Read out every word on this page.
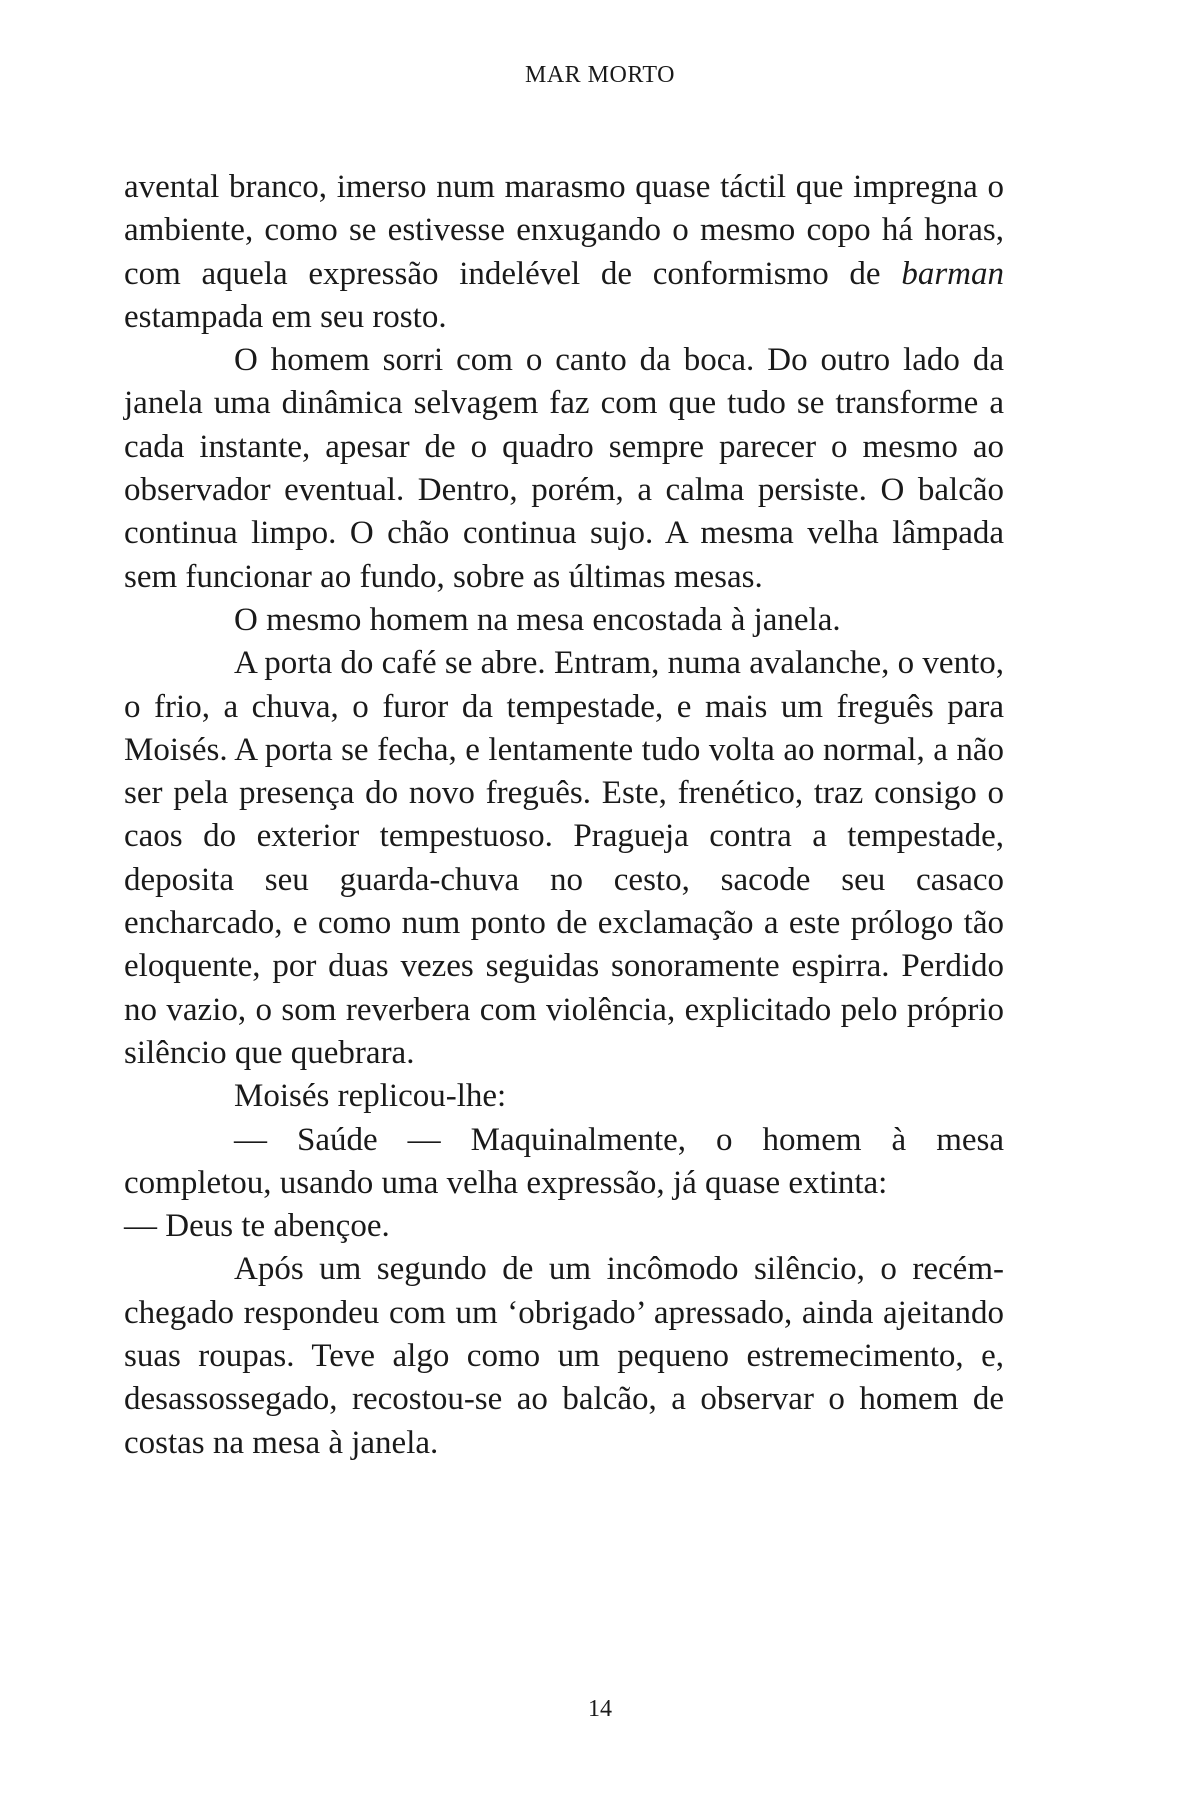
MAR MORTO

avental branco, imerso num marasmo quase táctil que impregna o ambiente, como se estivesse enxugando o mesmo copo há horas, com aquela expressão indelével de conformismo de barman estampada em seu rosto.

O homem sorri com o canto da boca. Do outro lado da janela uma dinâmica selvagem faz com que tudo se transforme a cada instante, apesar de o quadro sempre parecer o mesmo ao observador eventual. Dentro, porém, a calma persiste. O balcão continua limpo. O chão continua sujo. A mesma velha lâmpada sem funcionar ao fundo, sobre as últimas mesas.

O mesmo homem na mesa encostada à janela.

A porta do café se abre. Entram, numa avalanche, o vento, o frio, a chuva, o furor da tempestade, e mais um freguês para Moisés. A porta se fecha, e lentamente tudo volta ao normal, a não ser pela presença do novo freguês. Este, frenético, traz consigo o caos do exterior tempestuoso. Pragueja contra a tempestade, deposita seu guarda-chuva no cesto, sacode seu casaco encharcado, e como num ponto de exclamação a este prólogo tão eloquente, por duas vezes seguidas sonoramente espirra. Perdido no vazio, o som reverbera com violência, explicitado pelo próprio silêncio que quebrara.

Moisés replicou-lhe:

— Saúde — Maquinalmente, o homem à mesa completou, usando uma velha expressão, já quase extinta:

— Deus te abençoe.

Após um segundo de um incômodo silêncio, o recém-chegado respondeu com um ‘obrigado’ apressado, ainda ajeitando suas roupas. Teve algo como um pequeno estremecimento, e, desassossegado, recostou-se ao balcão, a observar o homem de costas na mesa à janela.

14
